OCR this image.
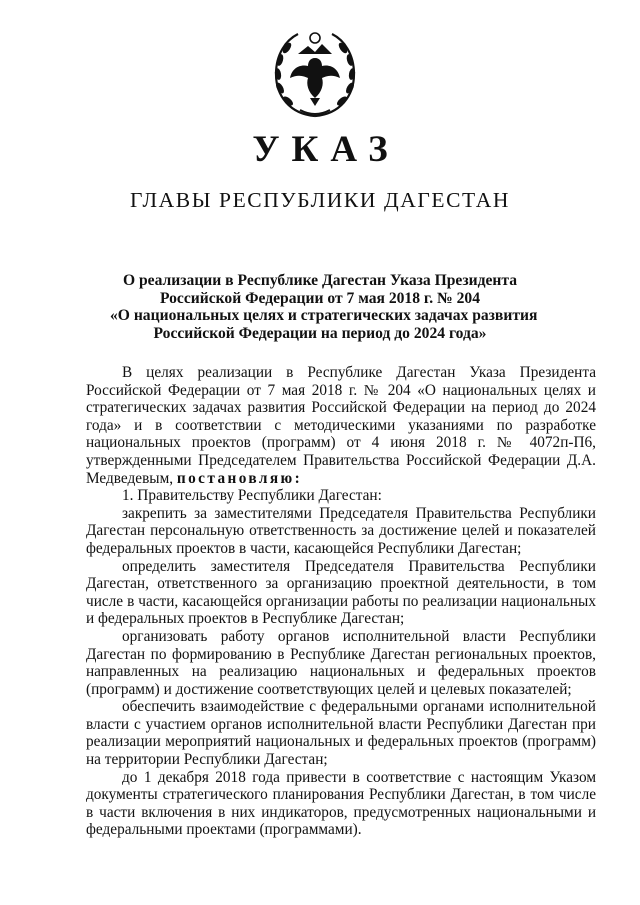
УКАЗ
ГЛАВЫ РЕСПУБЛИКИ ДАГЕСТАН
О реализации в Республике Дагестан Указа Президента
Российской Федерации от 7 мая 2018 г. № 204
«О национальных целях и стратегических задачах развития
Российской Федерации на период до 2024 года»

В целях реализации в Республике Дагестан Указа Президента Российской Федерации от 7 мая 2018 г. № 204 «О национальных целях и стратегических задачах развития Российской Федерации на период до 2024 года» и в соответствии с методическими указаниями по разработке национальных проектов (программ) от 4 июня 2018 г. № 4072п-П6, утвержденными Председателем Правительства Российской Федерации Д.А. Медведевым, постановляю:

1. Правительству Республики Дагестан:

закрепить за заместителями Председателя Правительства Республики Дагестан персональную ответственность за достижение целей и показателей федеральных проектов в части, касающейся Республики Дагестан;

определить заместителя Председателя Правительства Республики Дагестан, ответственного за организацию проектной деятельности, в том числе в части, касающейся организации работы по реализации национальных и федеральных проектов в Республике Дагестан;

организовать работу органов исполнительной власти Республики Дагестан по формированию в Республике Дагестан региональных проектов, направленных на реализацию национальных и федеральных проектов (программ) и достижение соответствующих целей и целевых показателей;

обеспечить взаимодействие с федеральными органами исполнительной власти с участием органов исполнительной власти Республики Дагестан при реализации мероприятий национальных и федеральных проектов (программ) на территории Республики Дагестан;

до 1 декабря 2018 года привести в соответствие с настоящим Указом документы стратегического планирования Республики Дагестан, в том числе в части включения в них индикаторов, предусмотренных национальными и федеральными проектами (программами).
